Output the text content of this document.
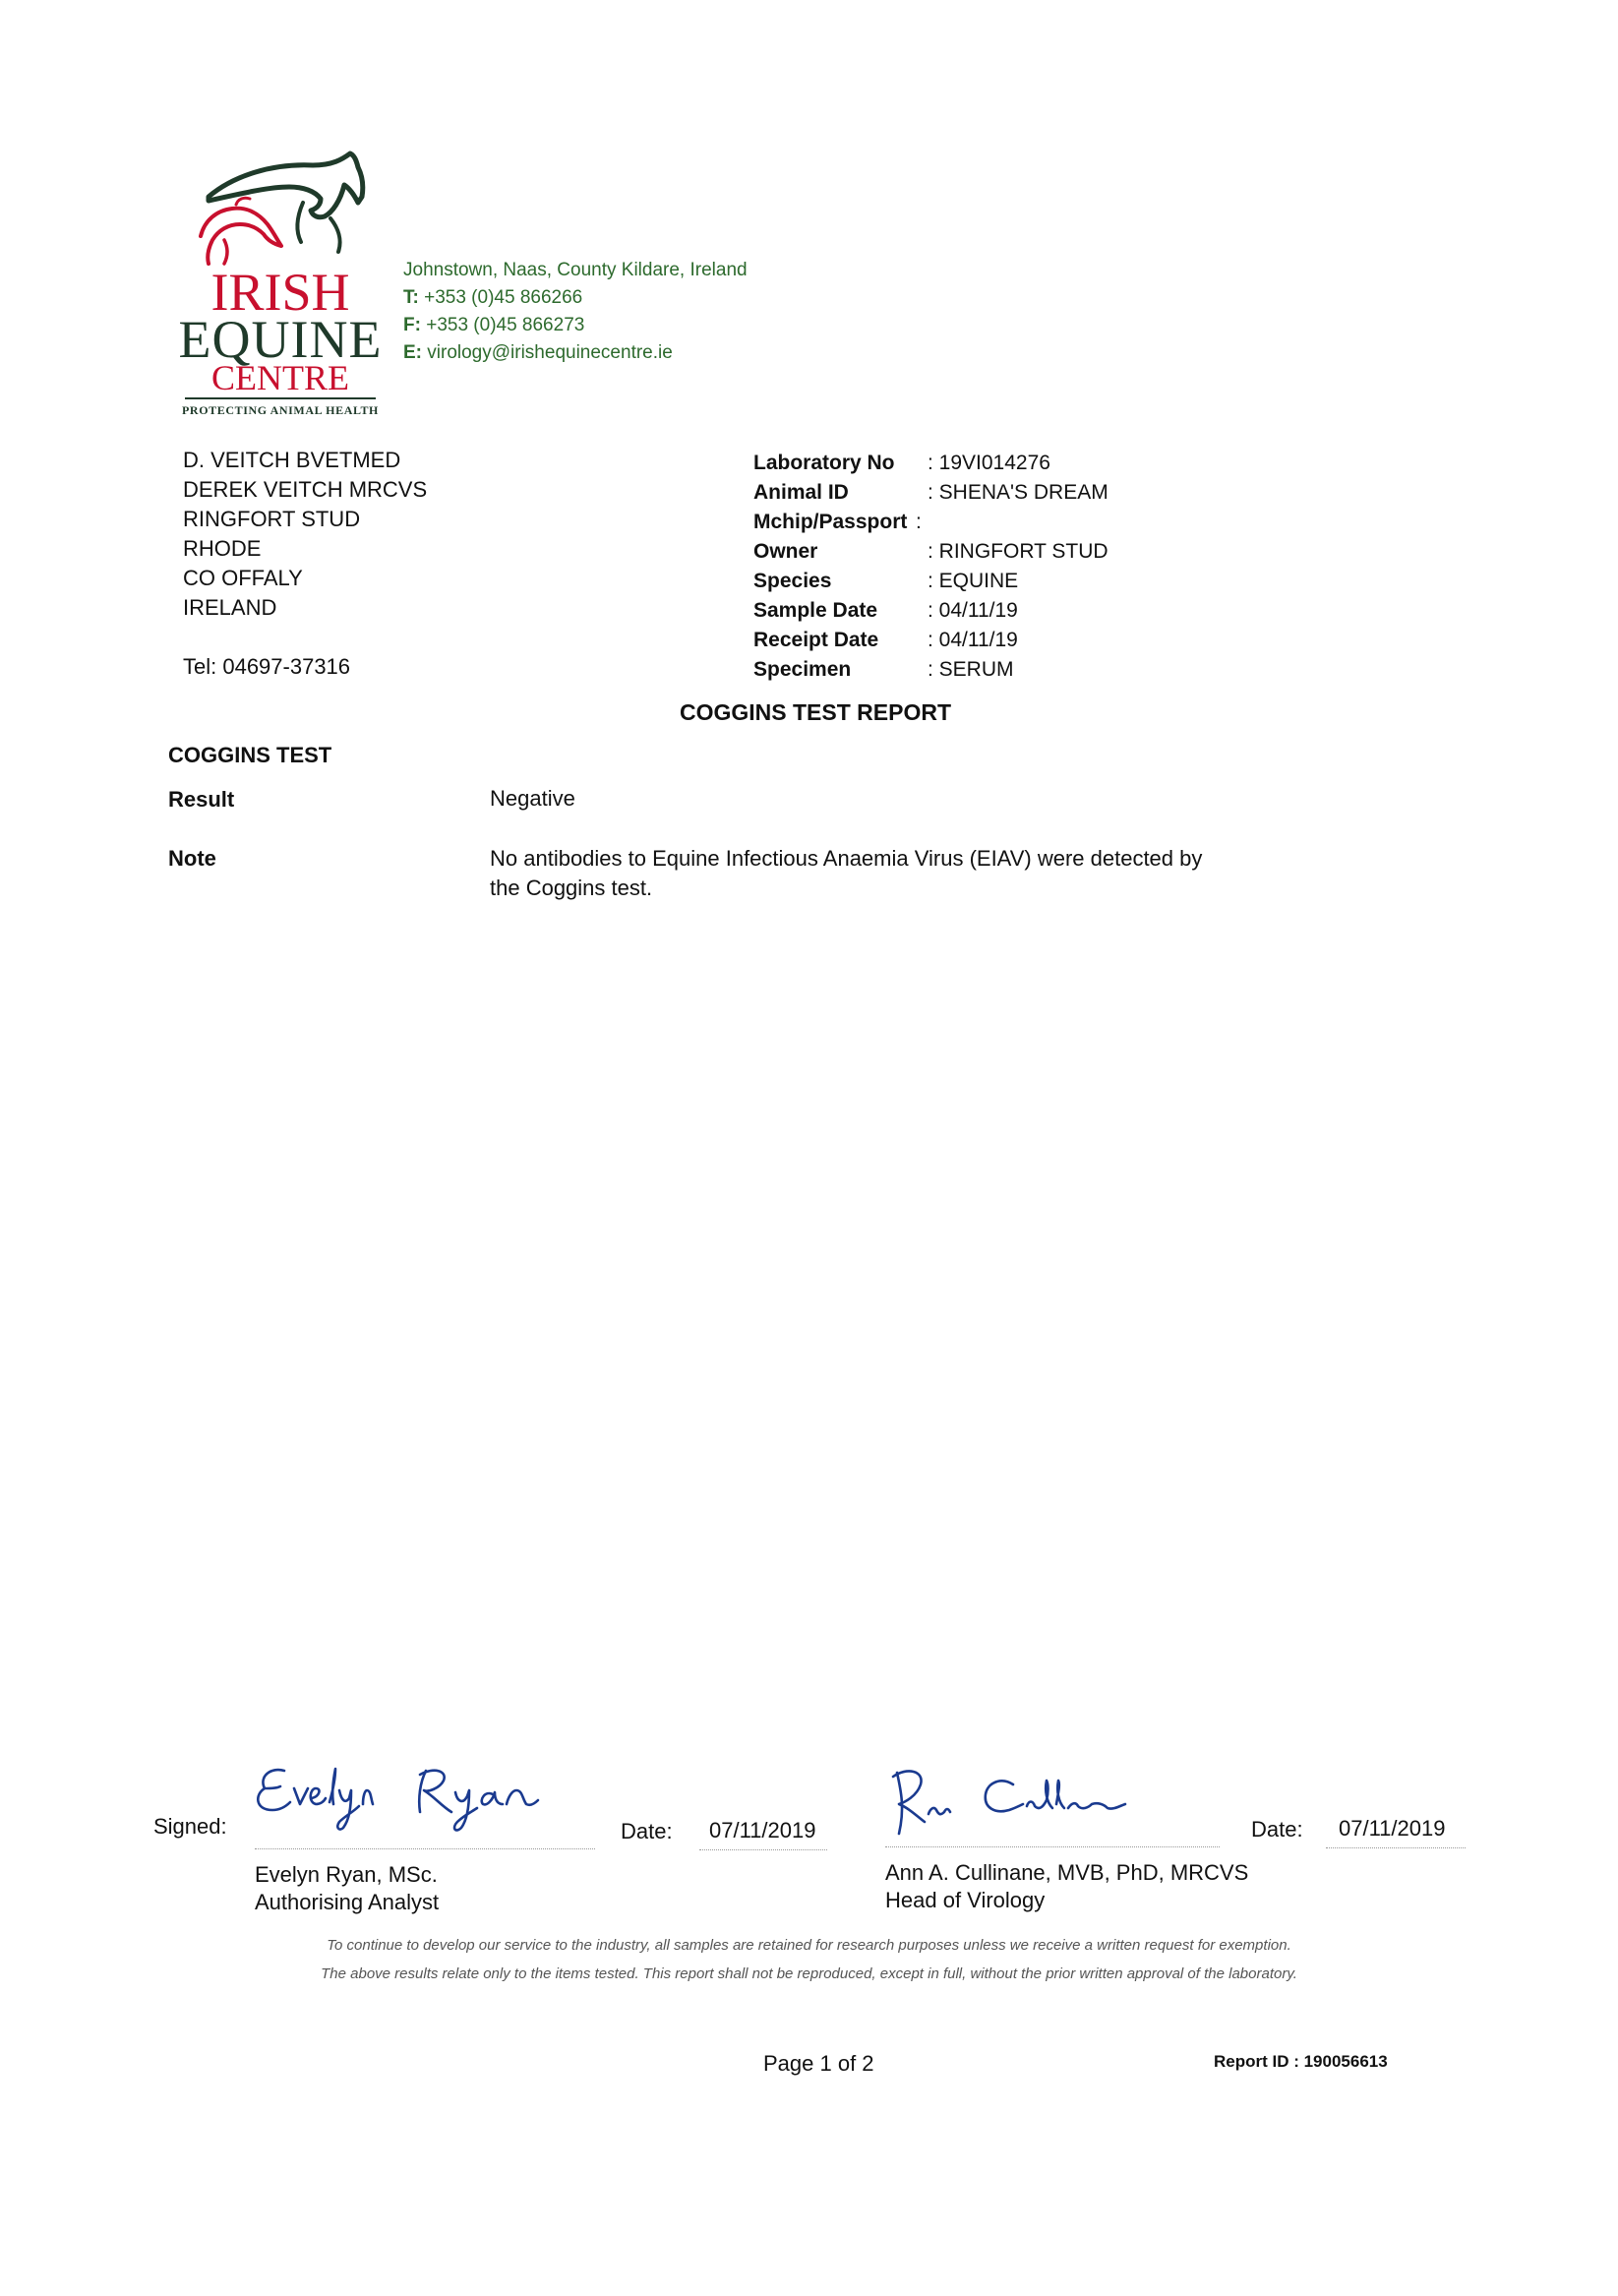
IRISH
EQUINE
CENTRE
PROTECTING ANIMAL HEALTH
Johnstown, Naas, County Kildare, Ireland
T: +353 (0)45 866266
F: +353 (0)45 866273
E: virology@irishequinecentre.ie
D. VEITCH BVETMED
DEREK VEITCH MRCVS
RINGFORT STUD
RHODE
CO OFFALY
IRELAND
Tel: 04697-37316
Laboratory No : 19VI014276
Animal ID	: SHENA'S DREAM
Mchip/Passport :
Owner	: RINGFORT STUD
Species	: EQUINE
Sample Date : 04/11/19
Receipt Date : 04/11/19
Specimen	: SERUM
COGGINS TEST REPORT
COGGINS TEST
Result	Negative
Note	No antibodies to Equine Infectious Anaemia Virus (EIAV) were detected by
the Coggins test.
Signed:	Evelyn Ryan	Date: 07/11/2019
Evelyn Ryan, MSc.
Authorising Analyst
Date: 07/11/2019
Ann A. Cullinane, MVB, PhD, MRCVS
Head of Virology
To continue to develop our service to the industry, all samples are retained for research purposes unless we receive a written request for exemption.
The above results relate only to the items tested. This report shall not be reproduced, except in full, without the prior written approval of the laboratory.
Page 1 of 2	Report ID : 190056613
